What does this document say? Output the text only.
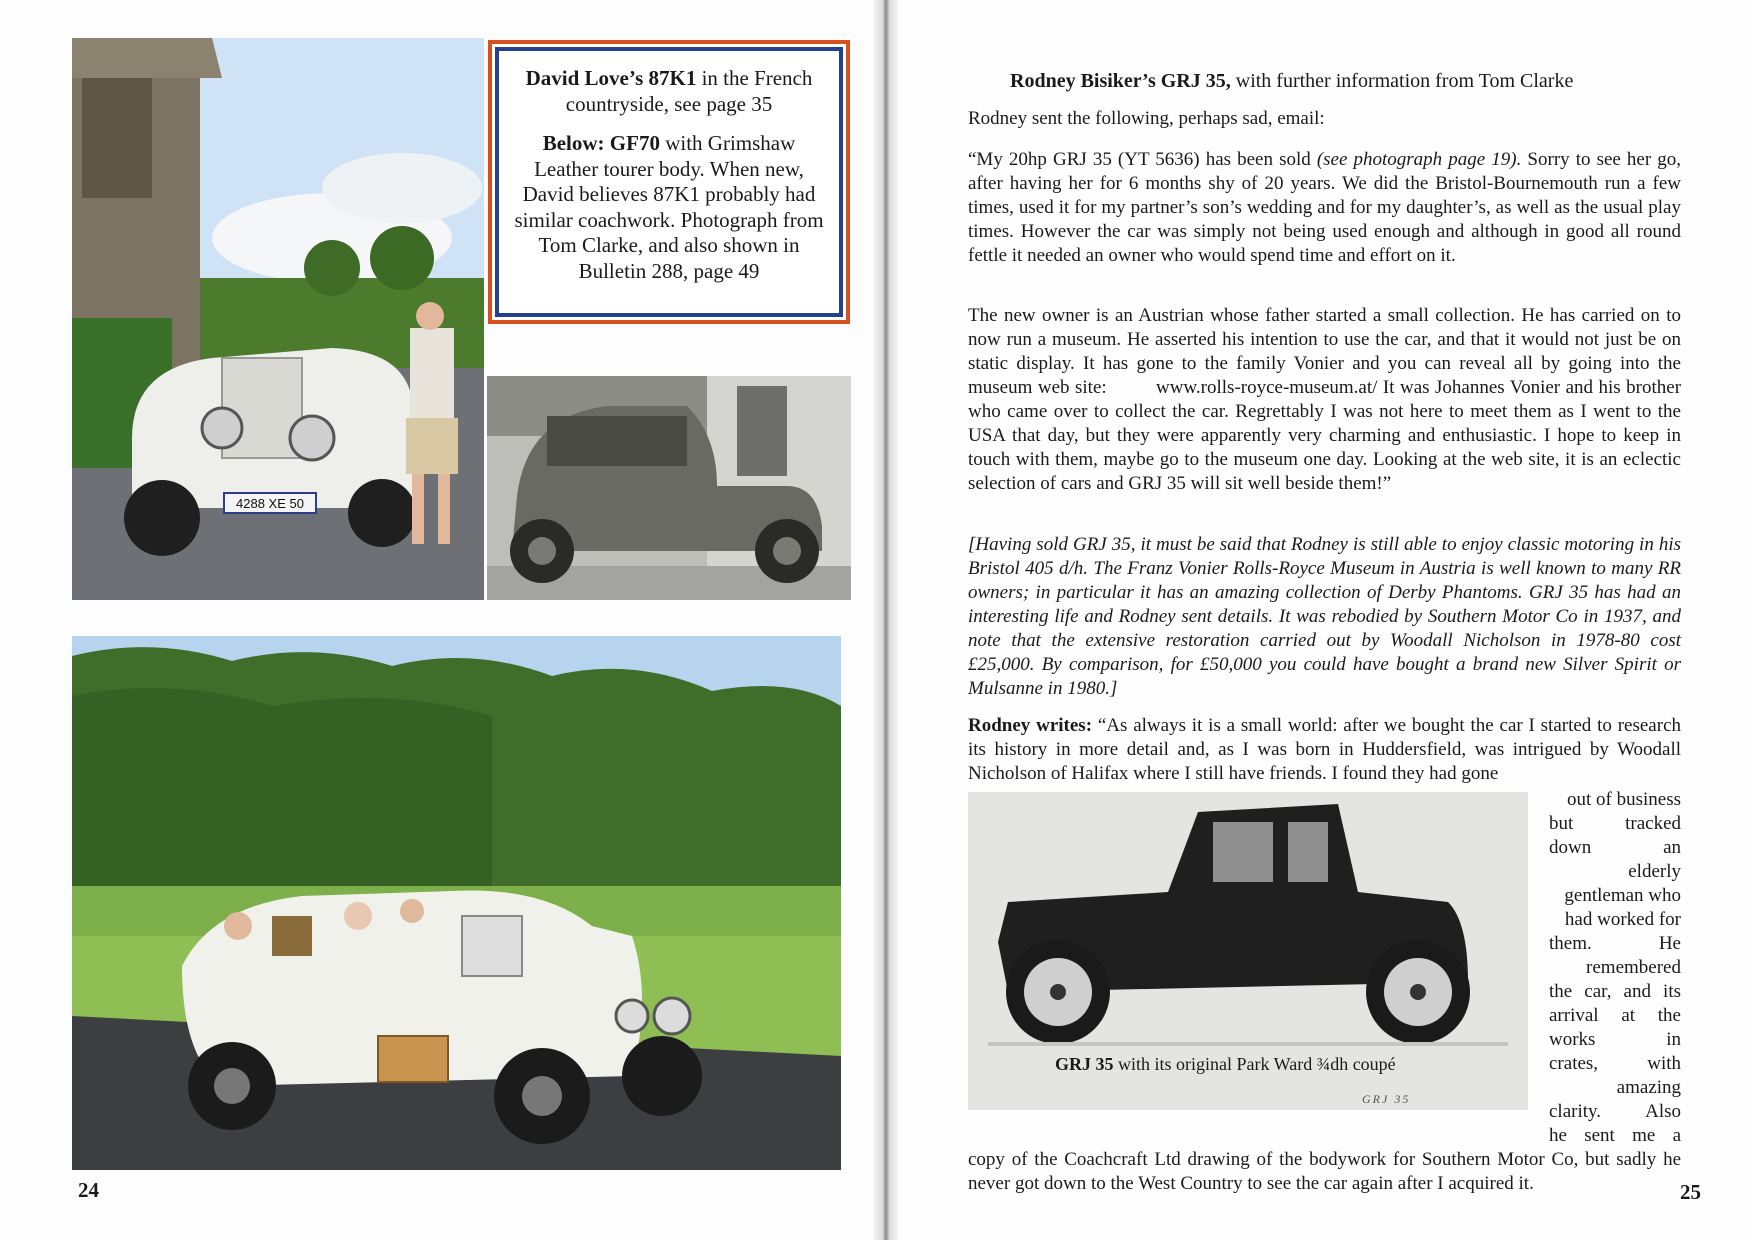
4288 XE 50

David Love’s 87K1 in the French countryside, see page 35

Below: GF70 with Grimshaw Leather tourer body. When new, David believes 87K1 probably had similar coachwork. Photograph from Tom Clarke, and also shown in Bulletin 288, page 49

24
Rodney Bisiker’s GRJ 35, with further information from Tom Clarke

Rodney sent the following, perhaps sad, email:

“My 20hp GRJ 35 (YT 5636) has been sold (see photograph page 19). Sorry to see her go, after having her for 6 months shy of 20 years. We did the Bristol-Bournemouth run a few times, used it for my partner’s son’s wedding and for my daughter’s, as well as the usual play times. However the car was simply not being used enough and although in good all round fettle it needed an owner who would spend time and effort on it.

The new owner is an Austrian whose father started a small collection. He has carried on to now run a museum. He asserted his intention to use the car, and that it would not just be on static display. It has gone to the family Vonier and you can reveal all by going into the museum web site:	www.rolls-royce-museum.at/ It was Johannes Vonier and his brother who came over to collect the car. Regrettably I was not here to meet them as I went to the USA that day, but they were apparently very charming and enthusiastic. I hope to keep in touch with them, maybe go to the museum one day. Looking at the web site, it is an eclectic selection of cars and GRJ 35 will sit well beside them!”

[Having sold GRJ 35, it must be said that Rodney is still able to enjoy classic motoring in his Bristol 405 d/h. The Franz Vonier Rolls-Royce Museum in Austria is well known to many RR owners; in particular it has an amazing collection of Derby Phantoms. GRJ 35 has had an interesting life and Rodney sent details. It was rebodied by Southern Motor Co in 1937, and note that the extensive restoration carried out by Woodall Nicholson in 1978-80 cost £25,000. By comparison, for £50,000 you could have bought a brand new Silver Spirit or Mulsanne in 1980.]

Rodney writes: “As always it is a small world: after we bought the car I started to research its history in more detail and, as I was born in Huddersfield, was intrigued by Woodall Nicholson of Halifax where I still have friends. I found they had gone

GRJ 35 with its original Park Ward ¾dh coupé
GRJ 35
out of business
but tracked
down an
elderly
gentleman who
had worked for
them. He
remembered
the car, and its
arrival at the
works in
crates, with
amazing
clarity. Also
he sent me a

copy of the Coachcraft Ltd drawing of the bodywork for Southern Motor Co, but sadly he never got down to the West Country to see the car again after I acquired it.	25
